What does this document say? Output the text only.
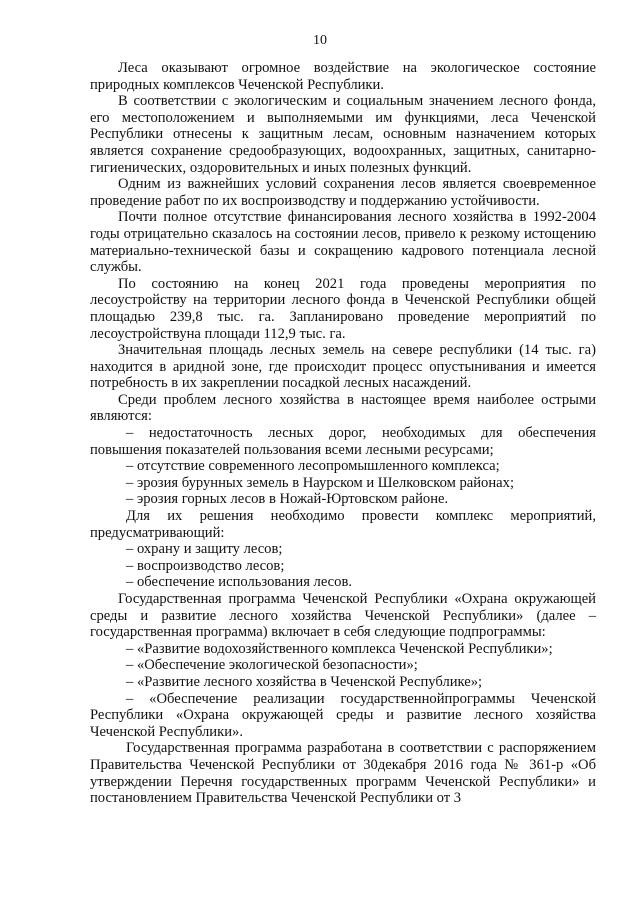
10

Леса оказывают огромное воздействие на экологическое состояние природных комплексов Чеченской Республики.

В соответствии с экологическим и социальным значением лесного фонда, его местоположением и выполняемыми им функциями, леса Чеченской Республики отнесены к защитным лесам, основным назначением которых является сохранение средообразующих, водоохранных, защитных, санитарно-гигиенических, оздоровительных и иных полезных функций.

Одним из важнейших условий сохранения лесов является своевременное проведение работ по их воспроизводству и поддержанию устойчивости.

Почти полное отсутствие финансирования лесного хозяйства в 1992-2004 годы отрицательно сказалось на состоянии лесов, привело к резкому истощению материально-технической базы и сокращению кадрового потенциала лесной службы.

По состоянию на конец 2021 года проведены мероприятия по лесоустройству на территории лесного фонда в Чеченской Республики общей площадью 239,8 тыс. га. Запланировано проведение мероприятий по лесоустройствуна площади 112,9 тыс. га.

Значительная площадь лесных земель на севере республики (14 тыс. га) находится в аридной зоне, где происходит процесс опустынивания и имеется потребность в их закреплении посадкой лесных насаждений.

Среди проблем лесного хозяйства в настоящее время наиболее острыми являются:

– недостаточность лесных дорог, необходимых для обеспечения повышения показателей пользования всеми лесными ресурсами;

– отсутствие современного лесопромышленного комплекса;

– эрозия бурунных земель в Наурском и Шелковском районах;

– эрозия горных лесов в Ножай-Юртовском районе.

Для их решения необходимо провести комплекс мероприятий, предусматривающий:

– охрану и защиту лесов;

– воспроизводство лесов;

– обеспечение использования лесов.

Государственная программа Чеченской Республики «Охрана окружающей среды и развитие лесного хозяйства Чеченской Республики» (далее – государственная программа) включает в себя следующие подпрограммы:

– «Развитие водохозяйственного комплекса Чеченской Республики»;

– «Обеспечение экологической безопасности»;

– «Развитие лесного хозяйства в Чеченской Республике»;

– «Обеспечение реализации государственнойпрограммы Чеченской Республики «Охрана окружающей среды и развитие лесного хозяйства Чеченской Республики».

Государственная программа разработана в соответствии с распоряжением Правительства Чеченской Республики от 30декабря 2016 года № 361-р «Об утверждении Перечня государственных программ Чеченской Республики» и постановлением Правительства Чеченской Республики от 3
